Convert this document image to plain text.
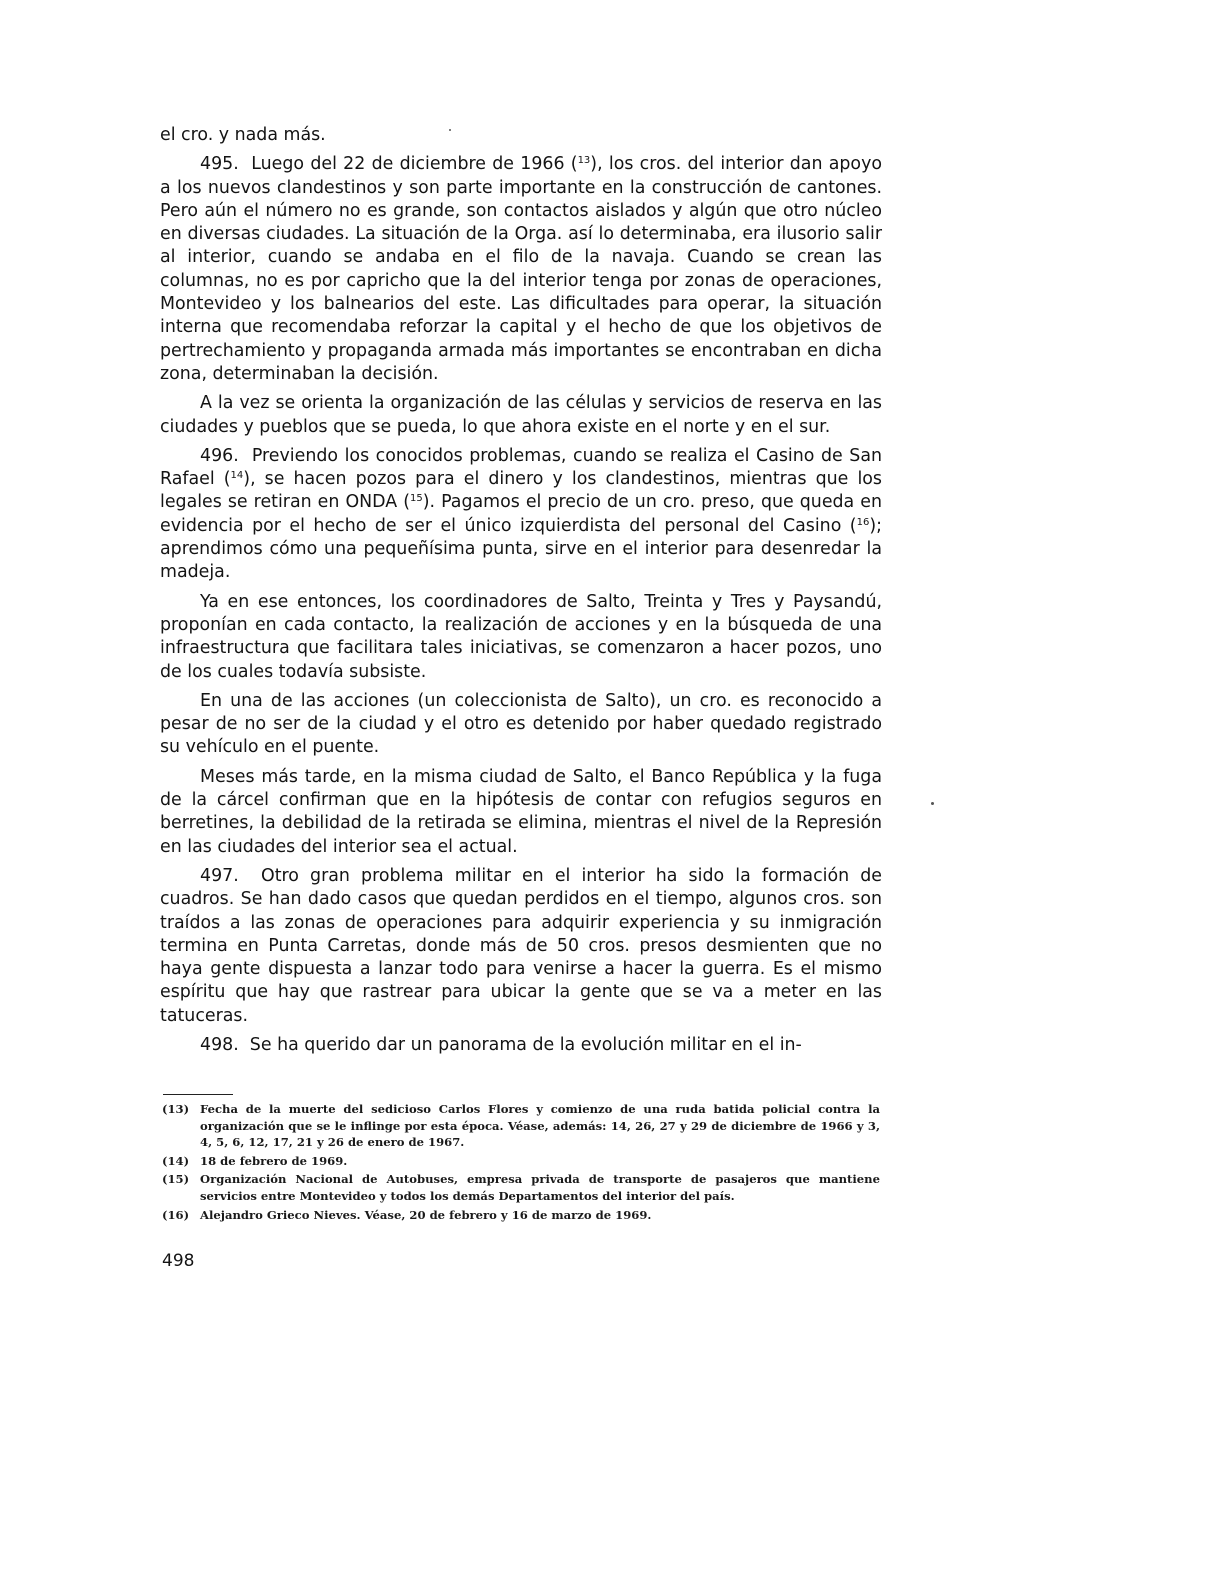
el cro. y nada más.

495. Luego del 22 de diciembre de 1966 ($^{13}$), los cros. del interior dan apoyo a los nuevos clandestinos y son parte importante en la construcción de cantones. Pero aún el número no es grande, son contactos aislados y algún que otro núcleo en diversas ciudades. La situación de la Orga. así lo determinaba, era ilusorio salir al interior, cuando se andaba en el filo de la navaja. Cuando se crean las columnas, no es por capricho que la del interior tenga por zonas de operaciones, Montevideo y los balnearios del este. Las dificultades para operar, la situación interna que recomendaba reforzar la capital y el hecho de que los objetivos de pertrechamiento y propaganda armada más importantes se encontraban en dicha zona, determinaban la decisión.

A la vez se orienta la organización de las células y servicios de reserva en las ciudades y pueblos que se pueda, lo que ahora existe en el norte y en el sur.

496. Previendo los conocidos problemas, cuando se realiza el Casino de San Rafael ($^{14}$), se hacen pozos para el dinero y los clandestinos, mientras que los legales se retiran en ONDA ($^{15}$). Pagamos el precio de un cro. preso, que queda en evidencia por el hecho de ser el único izquierdista del personal del Casino ($^{16}$); aprendimos cómo una pequeñísima punta, sirve en el interior para desenredar la madeja.

Ya en ese entonces, los coordinadores de Salto, Treinta y Tres y Paysandú, proponían en cada contacto, la realización de acciones y en la búsqueda de una infraestructura que facilitara tales iniciativas, se comenzaron a hacer pozos, uno de los cuales todavía subsiste.

En una de las acciones (un coleccionista de Salto), un cro. es reconocido a pesar de no ser de la ciudad y el otro es detenido por haber quedado registrado su vehículo en el puente.

Meses más tarde, en la misma ciudad de Salto, el Banco República y la fuga de la cárcel confirman que en la hipótesis de contar con refugios seguros en berretines, la debilidad de la retirada se elimina, mientras el nivel de la Represión en las ciudades del interior sea el actual.

497. Otro gran problema militar en el interior ha sido la formación de cuadros. Se han dado casos que quedan perdidos en el tiempo, algunos cros. son traídos a las zonas de operaciones para adquirir experiencia y su inmigración termina en Punta Carretas, donde más de 50 cros. presos desmienten que no haya gente dispuesta a lanzar todo para venirse a hacer la guerra. Es el mismo espíritu que hay que rastrear para ubicar la gente que se va a meter en las tatuceras.

498. Se ha querido dar un panorama de la evolución militar en el in-

(13) Fecha de la muerte del sedicioso Carlos Flores y comienzo de una ruda batida policial contra la organización que se le inflinge por esta época. Véase, además: 14, 26, 27 y 29 de diciembre de 1966 y 3, 4, 5, 6, 12, 17, 21 y 26 de enero de 1967.
(14) 18 de febrero de 1969.
(15) Organización Nacional de Autobuses, empresa privada de transporte de pasajeros que mantiene servicios entre Montevideo y todos los demás Departamentos del interior del país.
(16) Alejandro Grieco Nieves. Véase, 20 de febrero y 16 de marzo de 1969.
498
